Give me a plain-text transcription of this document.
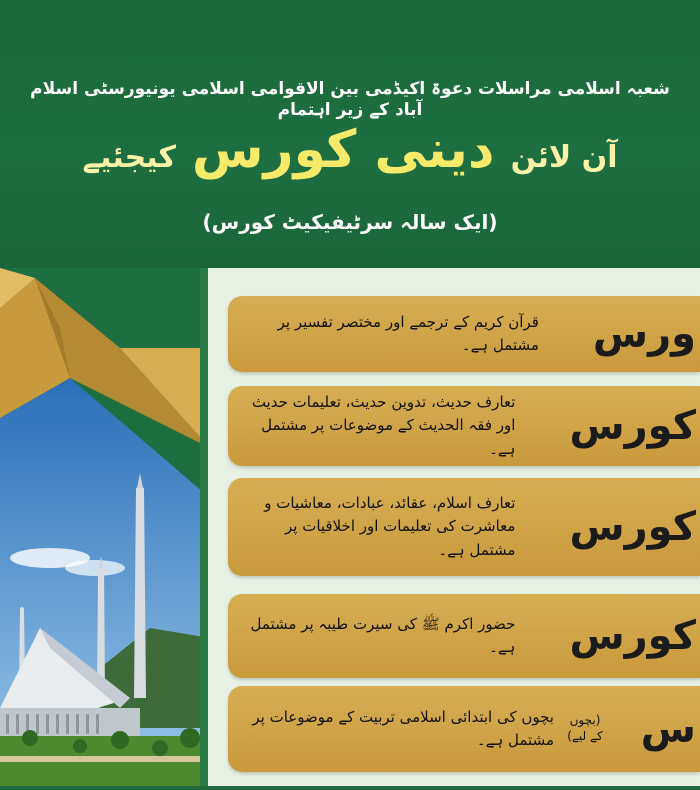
شعبہ اسلامی مراسلات دعوۃ اکیڈمی بین الاقوامی اسلامی یونیورسٹی اسلام آباد کے زیر اہتمام
آن لائن
دینی کورس
کیجئیے
(ایک سالہ سرٹیفیکیٹ کورس)
ورس
قرآن کریم کے ترجمے اور مختصر تفسیر پر مشتمل ہے۔
کورس
تعارف حدیث، تدوین حدیث، تعلیمات حدیث اور فقہ الحدیث کے موضوعات پر مشتمل ہے۔
کورس
تعارف اسلام، عقائد، عبادات، معاشیات و معاشرت کی تعلیمات اور اخلاقیات پر مشتمل ہے۔
کورس
حضور اکرم ﷺ کی سیرت طیبہ پر مشتمل ہے۔
س
(بچوں کے لیے)
بچوں کی ابتدائی اسلامی تربیت کے موضوعات پر مشتمل ہے۔
